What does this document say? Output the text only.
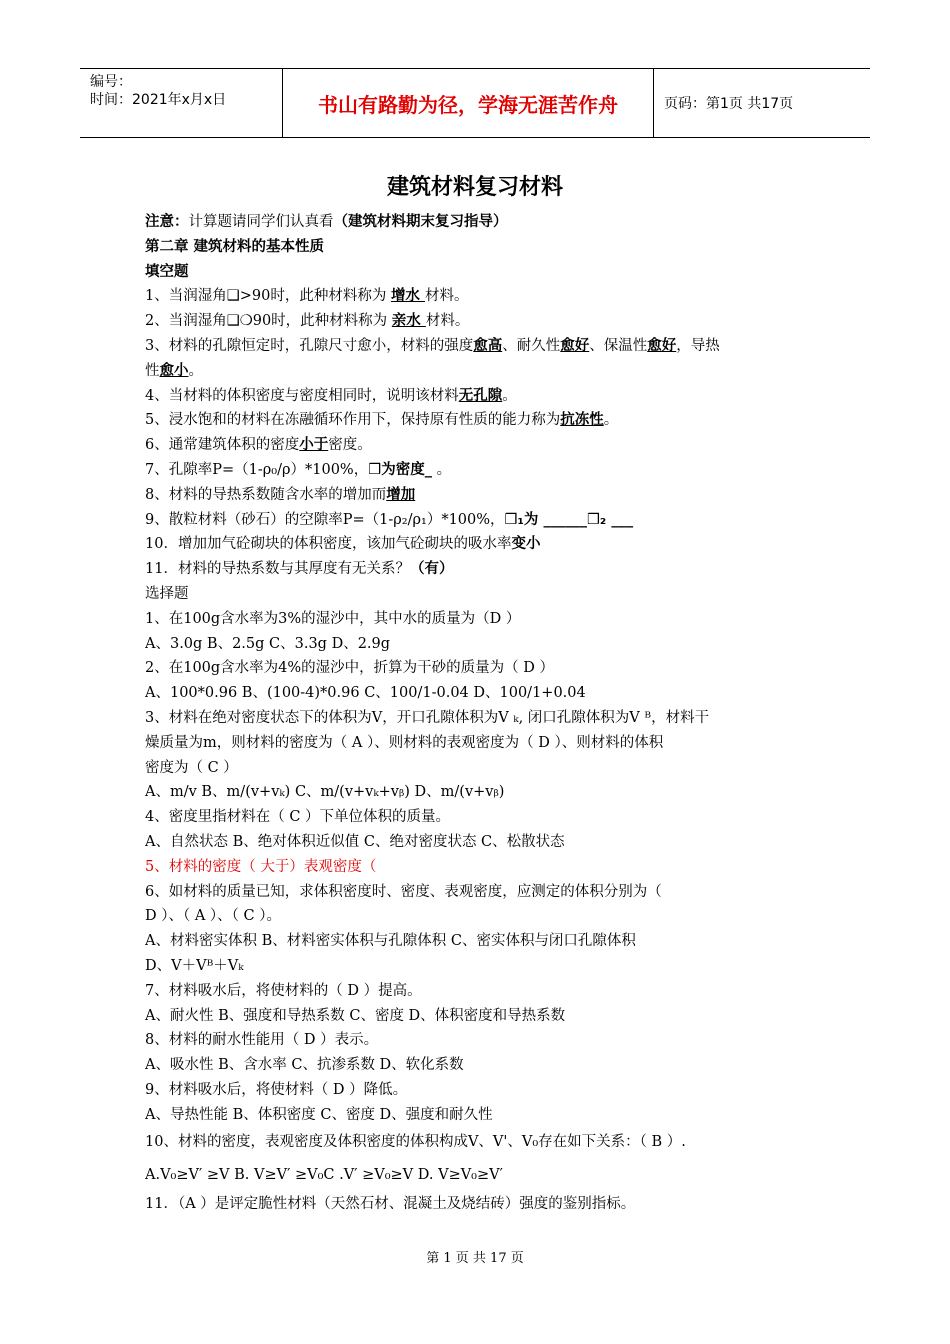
编号：
时间：2021年x月x日	书山有路勤为径，学海无涯苦作舟	页码：第1页 共17页
建筑材料复习材料
注意：计算题请同学们认真看（建筑材料期末复习指导）
第二章 建筑材料的基本性质
填空题
1、当润湿角❑>90时，此种材料称为 增水 材料。
2、当润湿角❑❍90时，此种材料称为 亲水 材料。
3、材料的孔隙恒定时，孔隙尺寸愈小，材料的强度愈高、耐久性愈好、保温性愈好，导热
性愈小。
4、当材料的体积密度与密度相同时，说明该材料无孔隙。
5、浸水饱和的材料在冻融循环作用下，保持原有性质的能力称为抗冻性。
6、通常建筑体积的密度小于密度。
7、孔隙率P=（1-ρ₀/ρ）*100%，❒为密度_ 。
8、材料的导热系数随含水率的增加而增加
9、散粒材料（砂石）的空隙率P=（1-ρ₂/ρ₁）*100%，❒₁为 ______❒₂ ___
10．增加加气砼砌块的体积密度，该加气砼砌块的吸水率变小
11．材料的导热系数与其厚度有无关系？（有）
选择题
1、在100g含水率为3%的湿沙中，其中水的质量为（D ）
A、3.0g B、2.5g C、3.3g D、2.9g
2、在100g含水率为4%的湿沙中，折算为干砂的质量为（ D ）
A、100*0.96 B、(100-4)*0.96 C、100/1-0.04 D、100/1+0.04
3、材料在绝对密度状态下的体积为V，开口孔隙体积为V ₖ, 闭口孔隙体积为V ᴮ，材料干
燥质量为m，则材料的密度为（ A ）、则材料的表观密度为（ D ）、则材料的体积
密度为（ C ）
A、m/v B、m/(v+vₖ) C、m/(v+vₖ+vᵦ) D、m/(v+vᵦ)
4、密度里指材料在（ C ）下单位体积的质量。
A、自然状态 B、绝对体积近似值 C、绝对密度状态 C、松散状态
5、材料的密度（ 大于）表观密度（
6、如材料的质量已知，求体积密度时、密度、表观密度，应测定的体积分别为（
D ）、（ A ）、（ C ）。
A、材料密实体积 B、材料密实体积与孔隙体积 C、密实体积与闭口孔隙体积
D、V＋Vᴮ＋Vₖ
7、材料吸水后，将使材料的（ D ）提高。
A、耐火性 B、强度和导热系数 C、密度 D、体积密度和导热系数
8、材料的耐水性能用（ D ）表示。
A、吸水性 B、含水率 C、抗渗系数 D、软化系数
9、材料吸水后，将使材料（ D ）降低。
A、导热性能 B、体积密度 C、密度 D、强度和耐久性
10、材料的密度，表观密度及体积密度的体积构成V、V'、V₀存在如下关系：（ B ）.
A.V₀≥V′ ≥V B. V≥V′ ≥V₀C .V′ ≥V₀≥V D. V≥V₀≥V′
11．（A ）是评定脆性材料（天然石材、混凝土及烧结砖）强度的鉴别指标。
第 1 页 共 17 页
